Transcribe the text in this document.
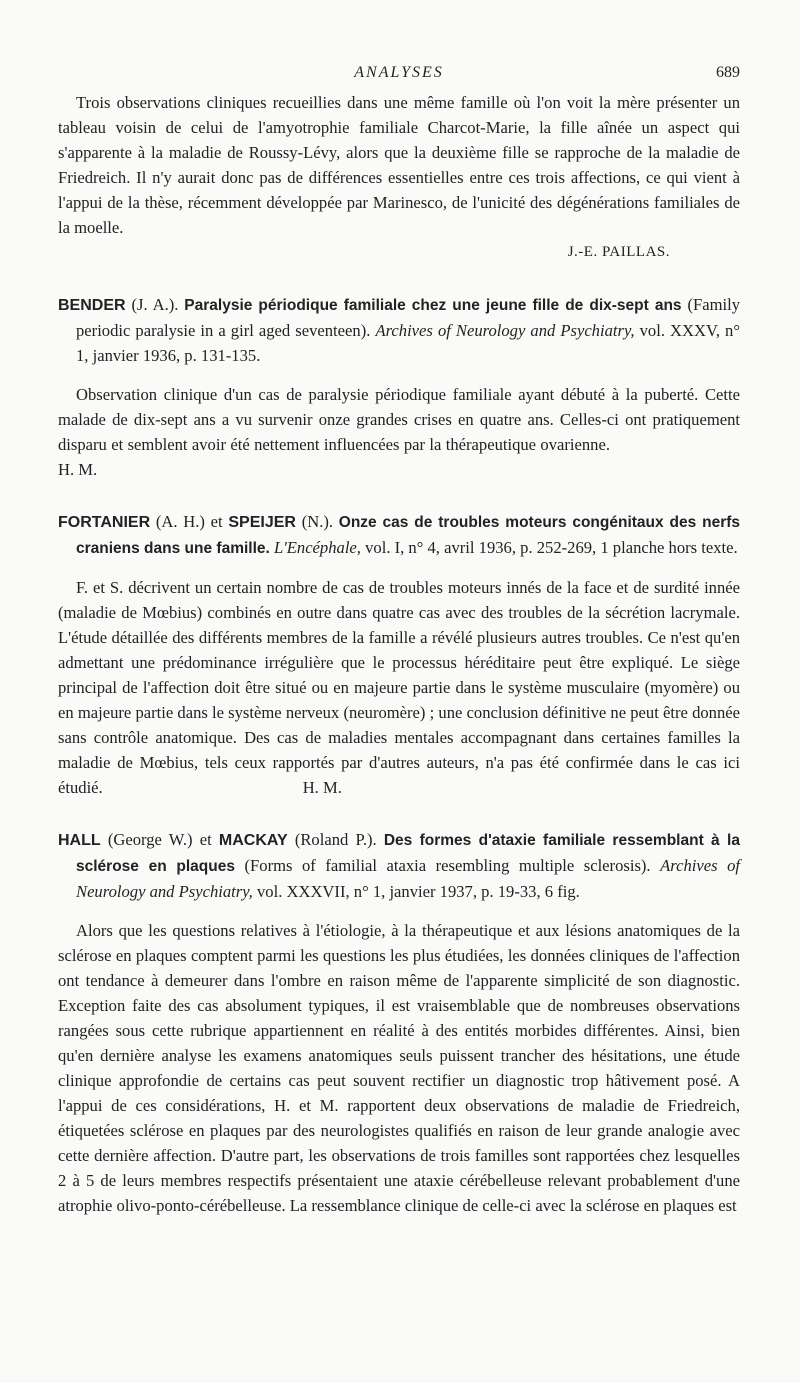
ANALYSES	689

Trois observations cliniques recueillies dans une même famille où l'on voit la mère présenter un tableau voisin de celui de l'amyotrophie familiale Charcot-Marie, la fille aînée un aspect qui s'apparente à la maladie de Roussy-Lévy, alors que la deuxième fille se rapproche de la maladie de Friedreich. Il n'y aurait donc pas de différences essentielles entre ces trois affections, ce qui vient à l'appui de la thèse, récemment développée par Marinesco, de l'unicité des dégénérations familiales de la moelle.

J.-E. PAILLAS.
BENDER (J. A.). Paralysie périodique familiale chez une jeune fille de dix-sept ans (Family periodic paralysie in a girl aged seventeen). Archives of Neurology and Psychiatry, vol. XXXV, n° 1, janvier 1936, p. 131-135.

Observation clinique d'un cas de paralysie périodique familiale ayant débuté à la puberté. Cette malade de dix-sept ans a vu survenir onze grandes crises en quatre ans. Celles-ci ont pratiquement disparu et semblent avoir été nettement influencées par la thérapeutique ovarienne.H. M.

FORTANIER (A. H.) et SPEIJER (N.). Onze cas de troubles moteurs congénitaux des nerfs craniens dans une famille. L'Encéphale, vol. I, n° 4, avril 1936, p. 252-269, 1 planche hors texte.

F. et S. décrivent un certain nombre de cas de troubles moteurs innés de la face et de surdité innée (maladie de Mœbius) combinés en outre dans quatre cas avec des troubles de la sécrétion lacrymale. L'étude détaillée des différents membres de la famille a révélé plusieurs autres troubles. Ce n'est qu'en admettant une prédominance irrégulière que le processus héréditaire peut être expliqué. Le siège principal de l'affection doit être situé ou en majeure partie dans le système musculaire (myomère) ou en majeure partie dans le système nerveux (neuromère) ; une conclusion définitive ne peut être donnée sans contrôle anatomique. Des cas de maladies mentales accompagnant dans certaines familles la maladie de Mœbius, tels ceux rapportés par d'autres auteurs, n'a pas été confirmée dans le cas ici étudié.	H. M.

HALL (George W.) et MACKAY (Roland P.). Des formes d'ataxie familiale ressemblant à la sclérose en plaques (Forms of familial ataxia resembling multiple sclerosis). Archives of Neurology and Psychiatry, vol. XXXVII, n° 1, janvier 1937, p. 19-33, 6 fig.

Alors que les questions relatives à l'étiologie, à la thérapeutique et aux lésions anatomiques de la sclérose en plaques comptent parmi les questions les plus étudiées, les données cliniques de l'affection ont tendance à demeurer dans l'ombre en raison même de l'apparente simplicité de son diagnostic. Exception faite des cas absolument typiques, il est vraisemblable que de nombreuses observations rangées sous cette rubrique appartiennent en réalité à des entités morbides différentes. Ainsi, bien qu'en dernière analyse les examens anatomiques seuls puissent trancher des hésitations, une étude clinique approfondie de certains cas peut souvent rectifier un diagnostic trop hâtivement posé. A l'appui de ces considérations, H. et M. rapportent deux observations de maladie de Friedreich, étiquetées sclérose en plaques par des neurologistes qualifiés en raison de leur grande analogie avec cette dernière affection. D'autre part, les observations de trois familles sont rapportées chez lesquelles 2 à 5 de leurs membres respectifs présentaient une ataxie cérébelleuse relevant probablement d'une atrophie olivo-ponto-cérébelleuse. La ressemblance clinique de celle-ci avec la sclérose en plaques est
